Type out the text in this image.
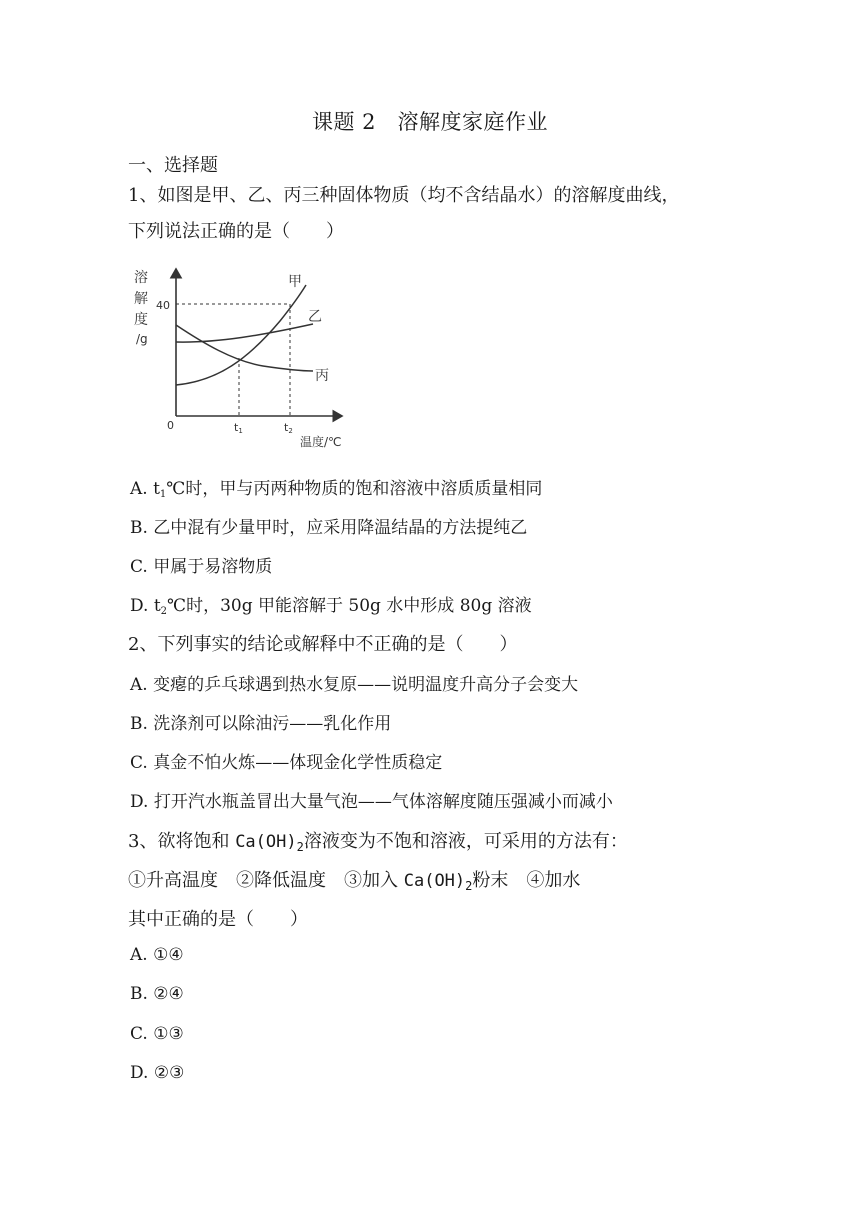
课题 2　溶解度家庭作业
一、选择题
1、如图是甲、乙、丙三种固体物质（均不含结晶水）的溶解度曲线，
下列说法正确的是（　　）
溶
解
度
/g
40
0	t1	t2
温度/℃
甲
乙
丙
A. $t_1℃$时，甲与丙两种物质的饱和溶液中溶质质量相同
B. 乙中混有少量甲时，应采用降温结晶的方法提纯乙
C. 甲属于易溶物质
D. $t_2℃$时，30g 甲能溶解于 50g 水中形成 80g 溶液
2、下列事实的结论或解释中不正确的是（　　）
A. 变瘪的乒乓球遇到热水复原——说明温度升高分子会变大
B. 洗涤剂可以除油污——乳化作用
C. 真金不怕火炼——体现金化学性质稳定
D. 打开汽水瓶盖冒出大量气泡——气体溶解度随压强减小而减小
3、欲将饱和 $Ca(OH)_2$溶液变为不饱和溶液，可采用的方法有：
①升高温度　②降低温度　③加入 $Ca(OH)_2$粉末　④加水
其中正确的是（　　）
A. ①④
B. ②④
C. ①③
D. ②③
